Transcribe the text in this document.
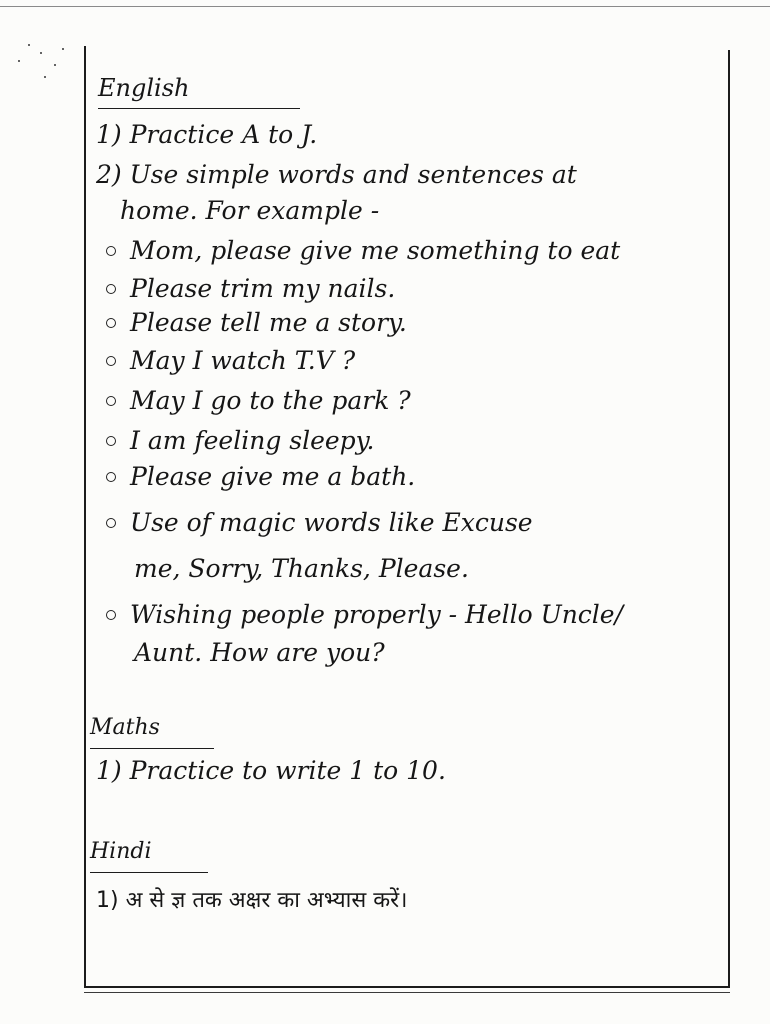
English
1) Practice A to J.
2) Use simple words and sentences at
home. For example -
Mom, please give me something to eat
Please trim my nails.
Please tell me a story.
May I watch T.V ?
May I go to the park ?
I am feeling sleepy.
Please give me a bath.
Use of magic words like Excuse
me, Sorry, Thanks, Please.
Wishing people properly - Hello Uncle/
Aunt. How are you?
Maths
1) Practice to write 1 to 10.
Hindi
1) अ से ज्ञ तक अक्षर का अभ्यास करें।
